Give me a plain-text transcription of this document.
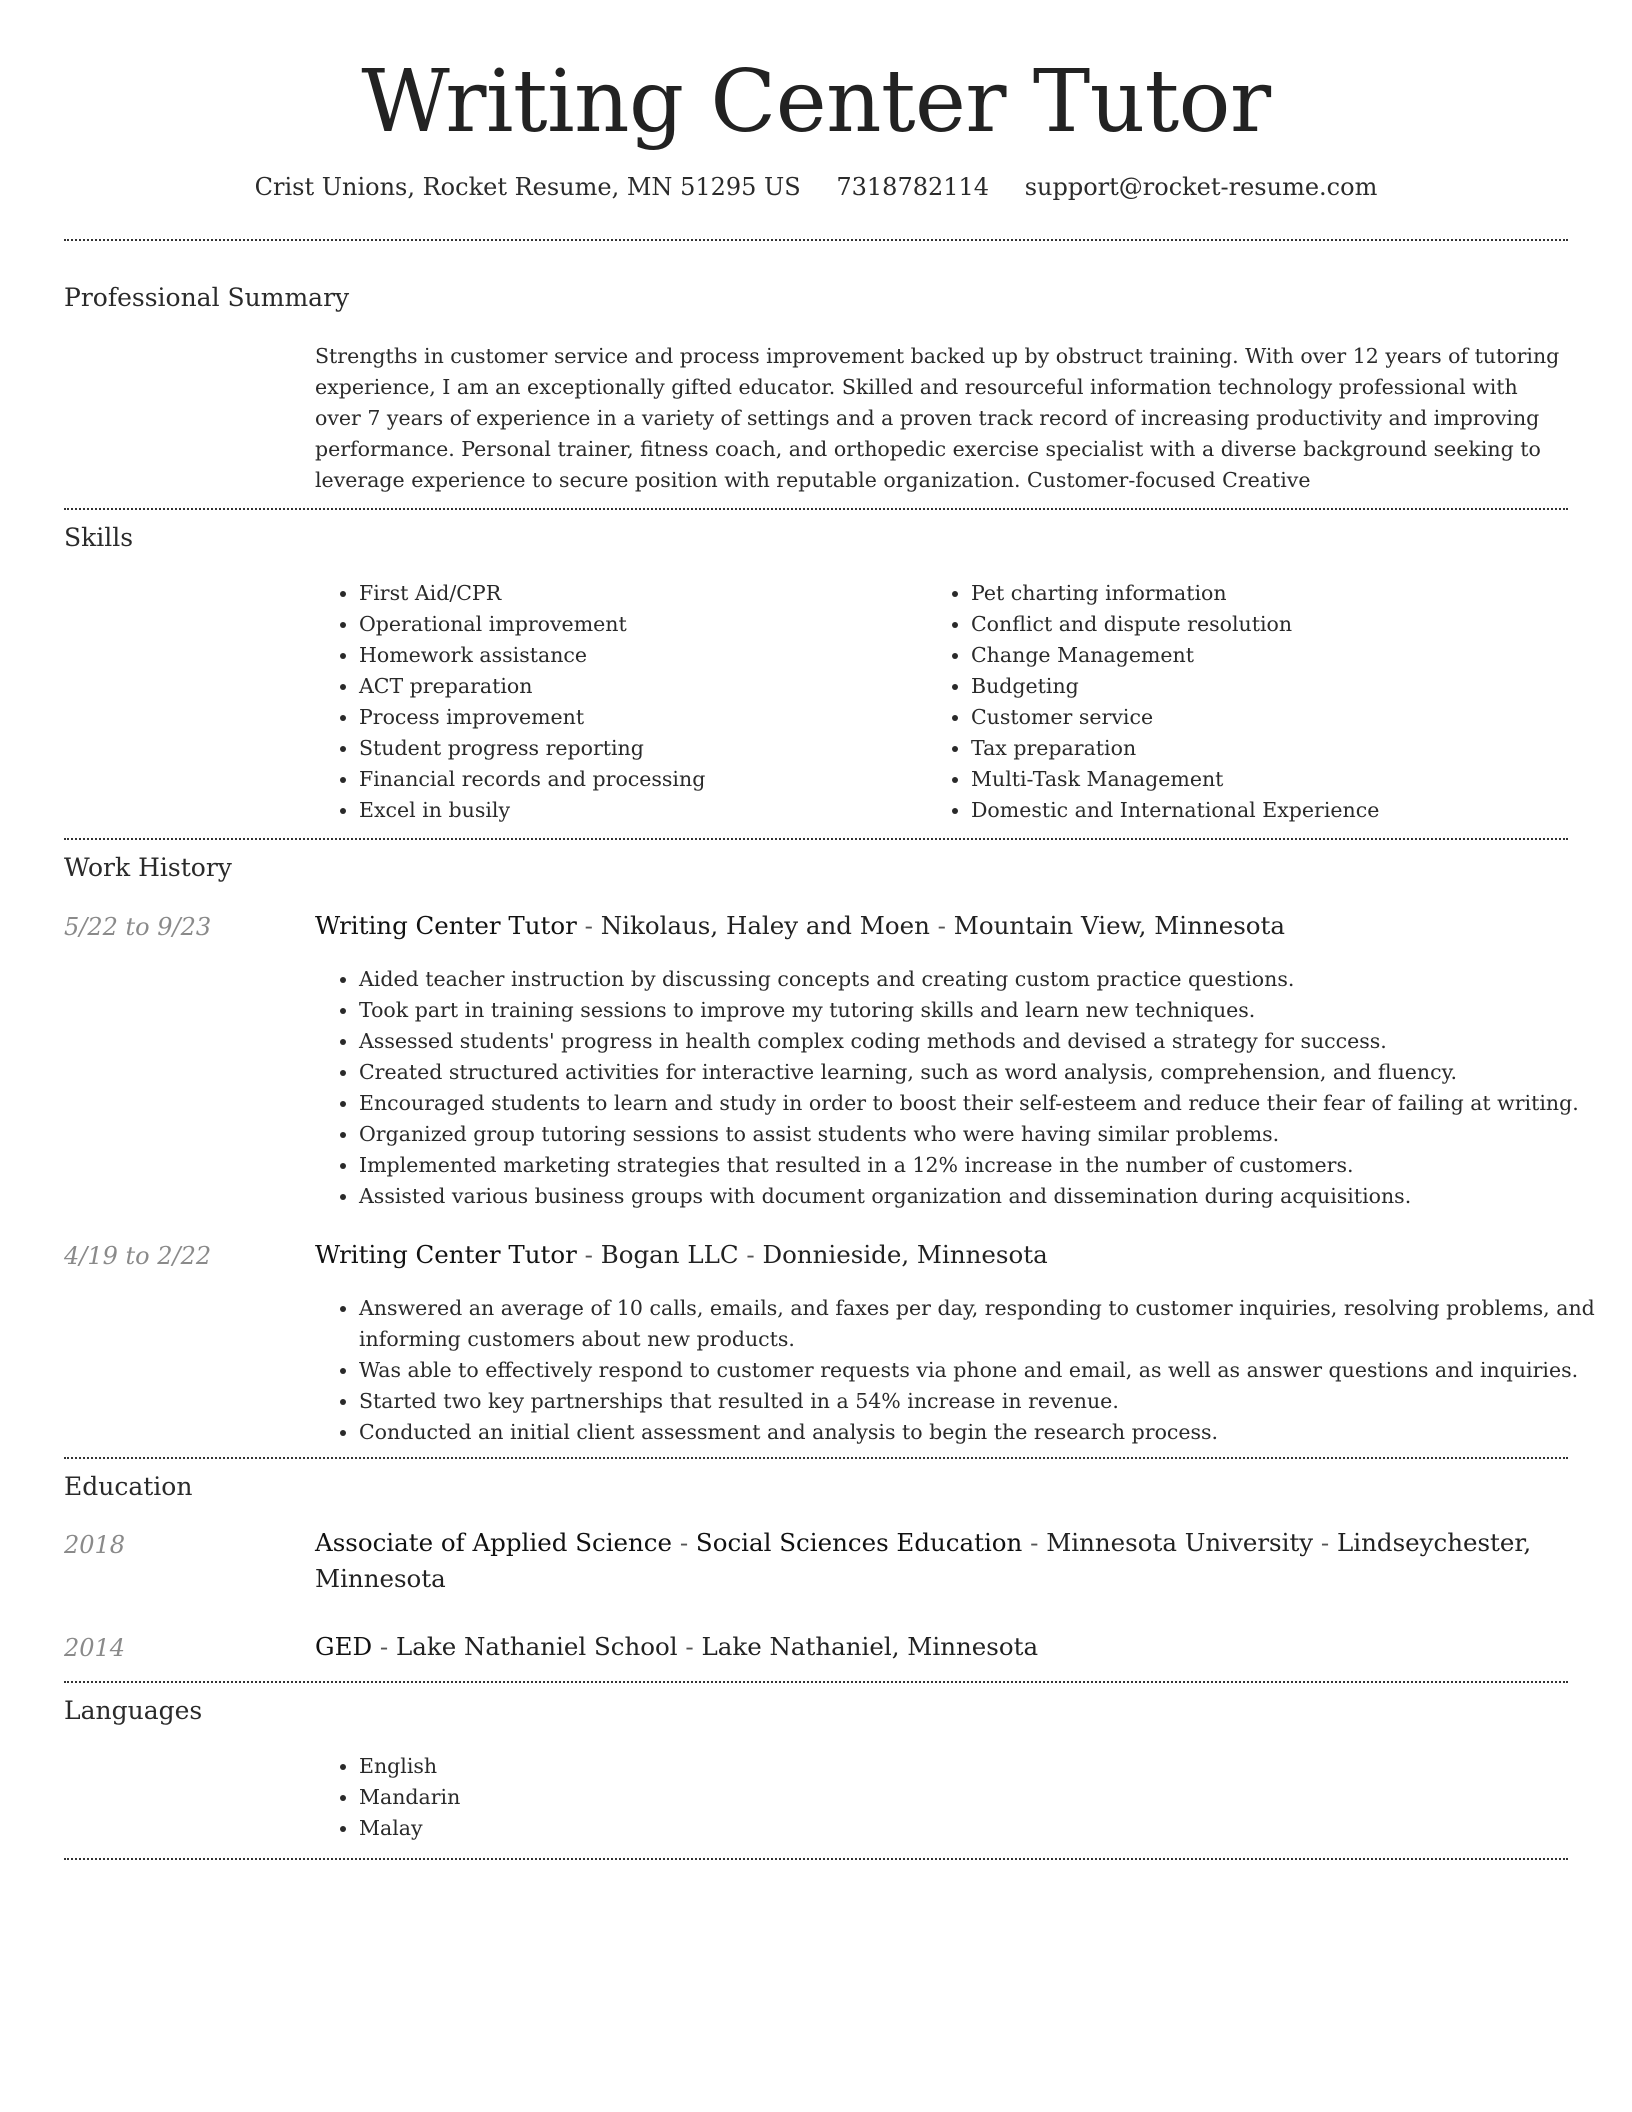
Writing Center Tutor
Crist Unions, Rocket Resume, MN 51295 US 7318782114 support@rocket-resume.com
Professional Summary
Strengths in customer service and process improvement backed up by obstruct training. With over 12 years of tutoring experience, I am an exceptionally gifted educator. Skilled and resourceful information technology professional with over 7 years of experience in a variety of settings and a proven track record of increasing productivity and improving performance. Personal trainer, fitness coach, and orthopedic exercise specialist with a diverse background seeking to leverage experience to secure position with reputable organization. Customer-focused Creative
Skills
• First Aid/CPR
• Operational improvement
• Homework assistance
• ACT preparation
• Process improvement
• Student progress reporting
• Financial records and processing
• Excel in busily
• Pet charting information
• Conflict and dispute resolution
• Change Management
• Budgeting
• Customer service
• Tax preparation
• Multi-Task Management
• Domestic and International Experience
Work History
5/22 to 9/23	Writing Center Tutor - Nikolaus, Haley and Moen - Mountain View, Minnesota
• Aided teacher instruction by discussing concepts and creating custom practice questions.
• Took part in training sessions to improve my tutoring skills and learn new techniques.
• Assessed students' progress in health complex coding methods and devised a strategy for success.
• Created structured activities for interactive learning, such as word analysis, comprehension, and fluency.
• Encouraged students to learn and study in order to boost their self-esteem and reduce their fear of failing at writing.
• Organized group tutoring sessions to assist students who were having similar problems.
• Implemented marketing strategies that resulted in a 12% increase in the number of customers.
• Assisted various business groups with document organization and dissemination during acquisitions.
4/19 to 2/22	Writing Center Tutor - Bogan LLC - Donnieside, Minnesota
• Answered an average of 10 calls, emails, and faxes per day, responding to customer inquiries, resolving problems, and informing customers about new products.
• Was able to effectively respond to customer requests via phone and email, as well as answer questions and inquiries.
• Started two key partnerships that resulted in a 54% increase in revenue.
• Conducted an initial client assessment and analysis to begin the research process.
Education
2018	Associate of Applied Science - Social Sciences Education - Minnesota University - Lindseychester, Minnesota
2014	GED - Lake Nathaniel School - Lake Nathaniel, Minnesota
Languages
• English
• Mandarin
• Malay
